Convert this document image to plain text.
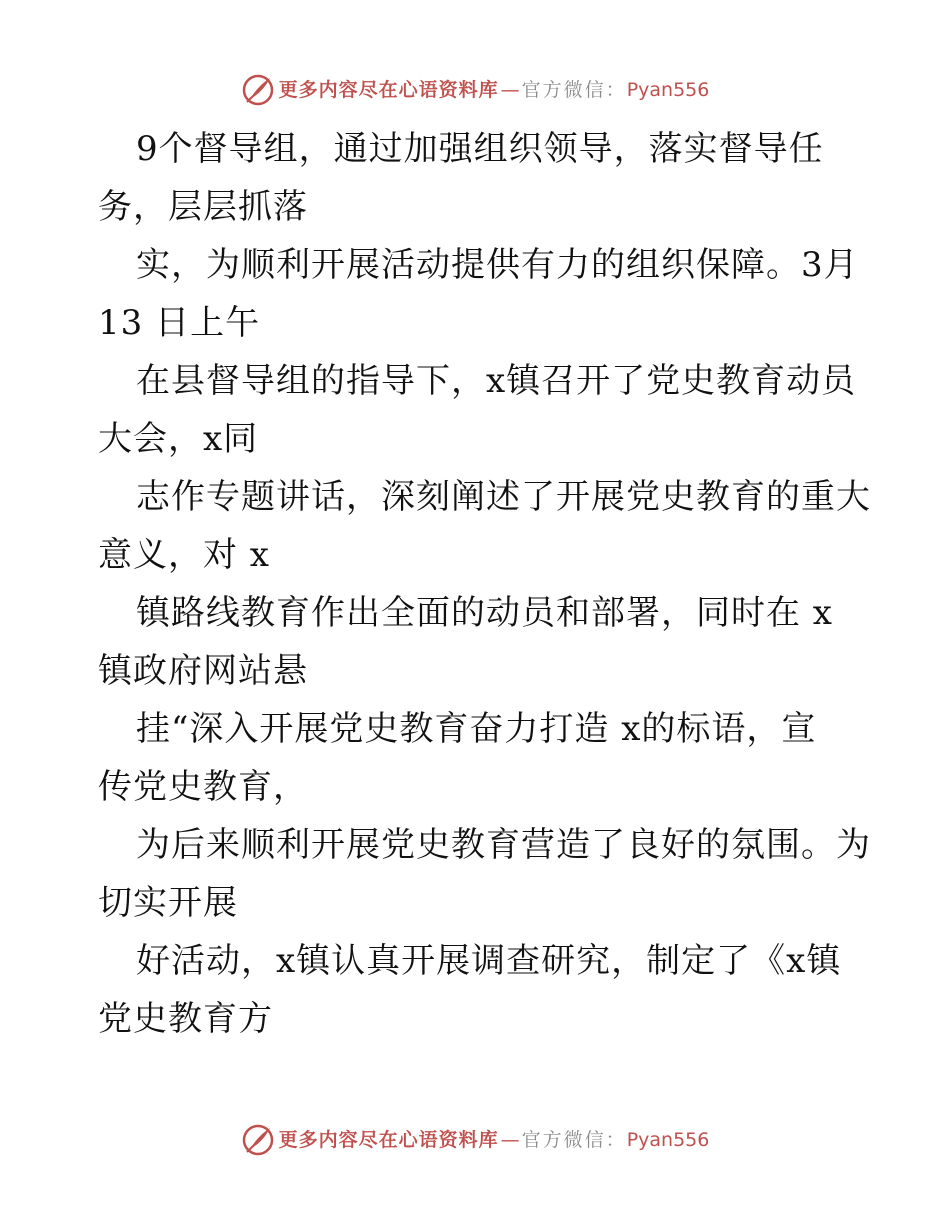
更多内容尽在心语资料库 — 官方微信： Pyan556
9个督导组，通过加强组织领导，落实督导任
务，层层抓落
实，为顺利开展活动提供有力的组织保障。3月
13 日上午
在县督导组的指导下，x镇召开了党史教育动员
大会，x同
志作专题讲话，深刻阐述了开展党史教育的重大
意义，对 x
镇路线教育作出全面的动员和部署，同时在 x
镇政府网站悬
挂“深入开展党史教育奋力打造 x的标语，宣
传党史教育，
为后来顺利开展党史教育营造了良好的氛围。为
切实开展
好活动，x镇认真开展调查研究，制定了《x镇
党史教育方
更多内容尽在心语资料库 — 官方微信： Pyan556
